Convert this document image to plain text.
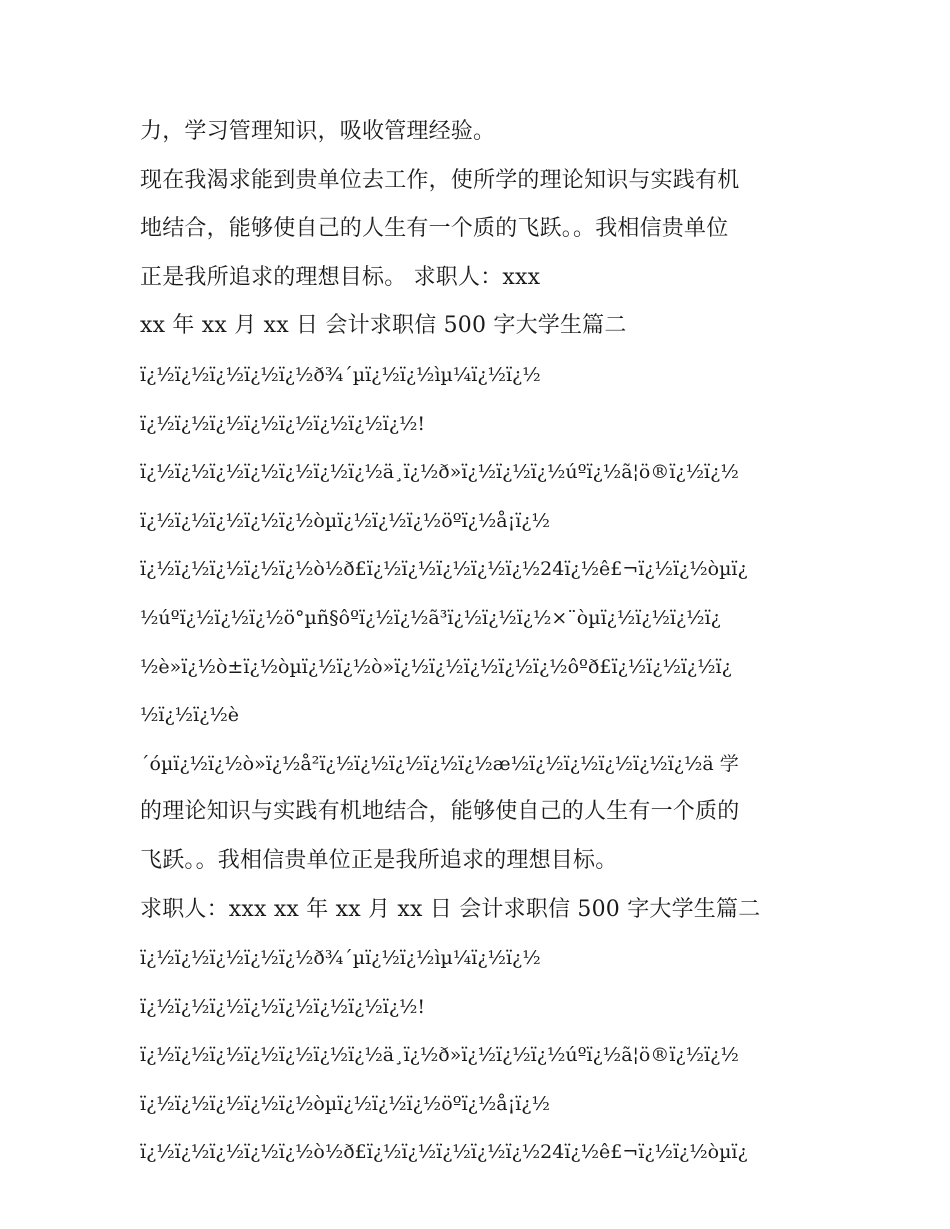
力，学习管理知识，吸收管理经验。
现在我渴求能到贵单位去工作，使所学的理论知识与实践有机
地结合，能够使自己的人生有一个质的飞跃。。我相信贵单位
正是我所追求的理想目标。 求职人：xxx
xx 年 xx 月 xx 日 会计求职信 500 字大学生篇二
ï¿½ï¿½ï¿½ï¿½ï¿½ð¾´µï¿½ï¿½ìµ¼ï¿½ï¿½
ï¿½ï¿½ï¿½ï¿½ï¿½ï¿½ï¿½ï¿½!
ï¿½ï¿½ï¿½ï¿½ï¿½ï¿½ï¿½ä¸ï¿½ð»ï¿½ï¿½ï¿½úºï¿½ã¦ö®ï¿½ï¿½
ï¿½ï¿½ï¿½ï¿½ï¿½òµï¿½ï¿½ï¿½öºï¿½å¡ï¿½
ï¿½ï¿½ï¿½ï¿½ï¿½ò½ð£ï¿½ï¿½ï¿½ï¿½ï¿½24ï¿½ê£¬ï¿½ï¿½òµï¿
½úºï¿½ï¿½ï¿½ö°µñ§ôºï¿½ï¿½ã³ï¿½ï¿½ï¿½×¨òµï¿½ï¿½ï¿½ï¿
½è»ï¿½ò±ï¿½òµï¿½ï¿½ò»ï¿½ï¿½ï¿½ï¿½ï¿½ôºð£ï¿½ï¿½ï¿½ï¿
½ï¿½ï¿½è
´óµï¿½ï¿½ò»ï¿½å²ï¿½ï¿½ï¿½ï¿½ï¿½æ½ï¿½ï¿½ï¿½ï¿½ï¿½ä 学
的理论知识与实践有机地结合，能够使自己的人生有一个质的
飞跃。。我相信贵单位正是我所追求的理想目标。
求职人：xxx xx 年 xx 月 xx 日 会计求职信 500 字大学生篇二
ï¿½ï¿½ï¿½ï¿½ï¿½ð¾´µï¿½ï¿½ìµ¼ï¿½ï¿½
ï¿½ï¿½ï¿½ï¿½ï¿½ï¿½ï¿½ï¿½!
ï¿½ï¿½ï¿½ï¿½ï¿½ï¿½ï¿½ä¸ï¿½ð»ï¿½ï¿½ï¿½úºï¿½ã¦ö®ï¿½ï¿½
ï¿½ï¿½ï¿½ï¿½ï¿½òµï¿½ï¿½ï¿½öºï¿½å¡ï¿½
ï¿½ï¿½ï¿½ï¿½ï¿½ò½ð£ï¿½ï¿½ï¿½ï¿½ï¿½24ï¿½ê£¬ï¿½ï¿½òµï¿
